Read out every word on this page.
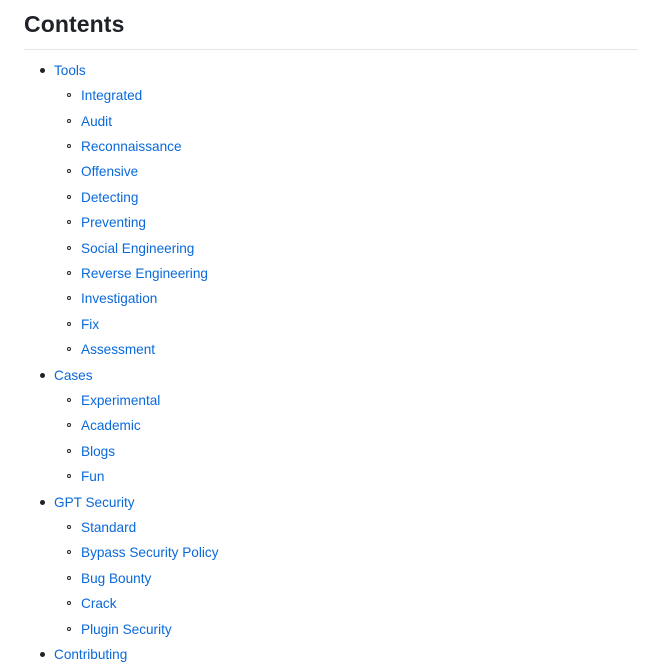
Contents
Tools
Integrated
Audit
Reconnaissance
Offensive
Detecting
Preventing
Social Engineering
Reverse Engineering
Investigation
Fix
Assessment
Cases
Experimental
Academic
Blogs
Fun
GPT Security
Standard
Bypass Security Policy
Bug Bounty
Crack
Plugin Security
Contributing
